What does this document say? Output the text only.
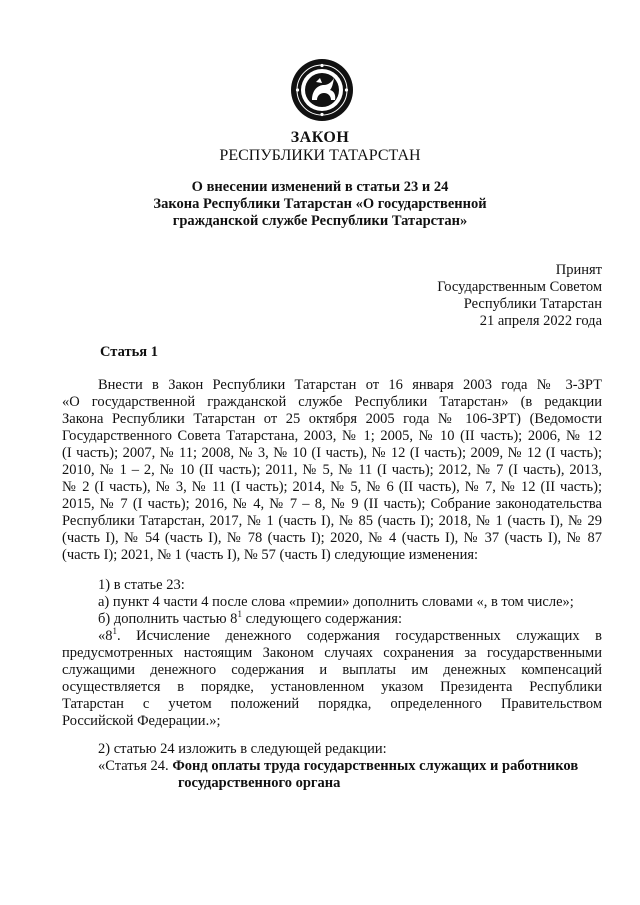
ЗАКОН
РЕСПУБЛИКИ ТАТАРСТАН
О внесении изменений в статьи 23 и 24
Закона Республики Татарстан «О государственной
гражданской службе Республики Татарстан»
Принят
Государственным Советом
Республики Татарстан
21 апреля 2022 года
Статья 1
Внести в Закон Республики Татарстан от 16 января 2003 года № 3-ЗРТ
«О государственной гражданской службе Республики Татарстан» (в редакции
Закона Республики Татарстан от 25 октября 2005 года № 106-ЗРТ) (Ведомости
Государственного Совета Татарстана, 2003, № 1; 2005, № 10 (II часть); 2006, № 12
(I часть); 2007, № 11; 2008, № 3, № 10 (I часть), № 12 (I часть); 2009, № 12 (I часть);
2010, № 1 – 2, № 10 (II часть); 2011, № 5, № 11 (I часть); 2012, № 7 (I часть), 2013,
№ 2 (I часть), № 3, № 11 (I часть); 2014, № 5, № 6 (II часть), № 7, № 12 (II часть);
2015, № 7 (I часть); 2016, № 4, № 7 – 8, № 9 (II часть); Собрание законодательства
Республики Татарстан, 2017, № 1 (часть I), № 85 (часть I); 2018, № 1 (часть I), № 29
(часть I), № 54 (часть I), № 78 (часть I); 2020, № 4 (часть I), № 37 (часть I), № 87
(часть I); 2021, № 1 (часть I), № 57 (часть I) следующие изменения:
1) в статье 23:
а) пункт 4 части 4 после слова «премии» дополнить словами «, в том числе»;
б) дополнить частью $8^1$ следующего содержания:
«$8^1$. Исчисление денежного содержания государственных служащих в
предусмотренных настоящим Законом случаях сохранения за государственными
служащими денежного содержания и выплаты им денежных компенсаций
осуществляется в порядке, установленном указом Президента Республики
Татарстан с учетом положений порядка, определенного Правительством
Российской Федерации.»;
2) статью 24 изложить в следующей редакции:
«Статья 24. Фонд оплаты труда государственных служащих и работников
государственного органа
